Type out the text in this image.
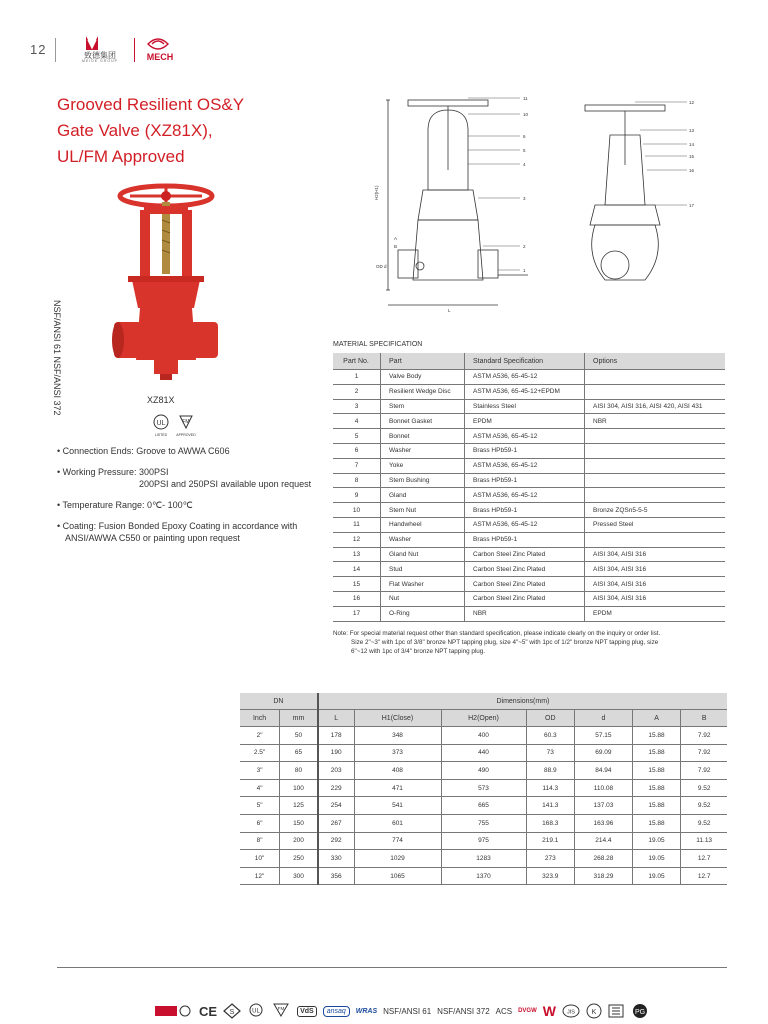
12	致德集团
MEIDE GROUP	MECH
Grooved Resilient OS&Y
Gate Valve (XZ81X),
UL/FM Approved
NSF/ANSI 61 NSF/ANSI 372	XZ81X
UL
LISTED
FM
APPROVED
• Connection Ends: Groove to AWWA C606
• Working Pressure: 300PSI
200PSI and 250PSI available upon request
• Temperature Range: 0℃- 100℃
• Coating: Fusion Bonded Epoxy Coating in accordance with
ANSI/AWWA C550 or painting upon request
11
10
6
5
4
3
2
1
H2(H1)
A
B
OD d
L
12
13
14
15
16
17
MATERIAL SPECIFICATION
Part No.	Part	Standard Specification	Options
1	Valve Body	ASTM A536, 65-45-12	
2	Resilient Wedge Disc	ASTM A536, 65-45-12+EPDM	
3	Stem	Stainless Steel	AISI 304, AISI 316, AISI 420, AISI 431
4	Bonnet Gasket	EPDM	NBR
5	Bonnet	ASTM A536, 65-45-12	
6	Washer	Brass HPb59-1	
7	Yoke	ASTM A536, 65-45-12	
8	Stem Bushing	Brass HPb59-1	
9	Gland	ASTM A536, 65-45-12	
10	Stem Nut	Brass HPb59-1	Bronze ZQSn5-5-5
11	Handwheel	ASTM A536, 65-45-12	Pressed Steel
12	Washer	Brass HPb59-1	
13	Gland Nut	Carbon Steel Zinc Plated	AISI 304, AISI 316
14	Stud	Carbon Steel Zinc Plated	AISI 304, AISI 316
15	Flat Washer	Carbon Steel Zinc Plated	AISI 304, AISI 316
16	Nut	Carbon Steel Zinc Plated	AISI 304, AISI 316
17	O-Ring	NBR	EPDM
Note: For special material request other than standard specification, please indicate clearly on the inquiry or order list.
Size 2"~3" with 1pc of 3/8" bronze NPT tapping plug, size 4"~5" with 1pc of 1/2" bronze NPT tapping plug, size
6"~12 with 1pc of 3/4" bronze NPT tapping plug.
DN		Dimensions(mm)						
Inch	mm	L	H1(Close)	H2(Open)	OD	d	A	B
2"	50	178	348	400	60.3	57.15	15.88	7.92
2.5"	65	190	373	440	73	69.09	15.88	7.92
3"	80	203	408	490	88.9	84.94	15.88	7.92
4"	100	229	471	573	114.3	110.08	15.88	9.52
5"	125	254	541	665	141.3	137.03	15.88	9.52
6"	150	267	601	755	168.3	163.96	15.88	9.52
8"	200	292	774	975	219.1	214.4	19.05	11.13
10"	250	330	1029	1283	273	268.28	19.05	12.7
12"	300	356	1065	1370	323.9	318.29	19.05	12.7
CE S	UL	FM	VdS	ansaq	WRAS NSF/ANSI 61 NSF/ANSI 372 ACS DVGW W JIS K	PG
